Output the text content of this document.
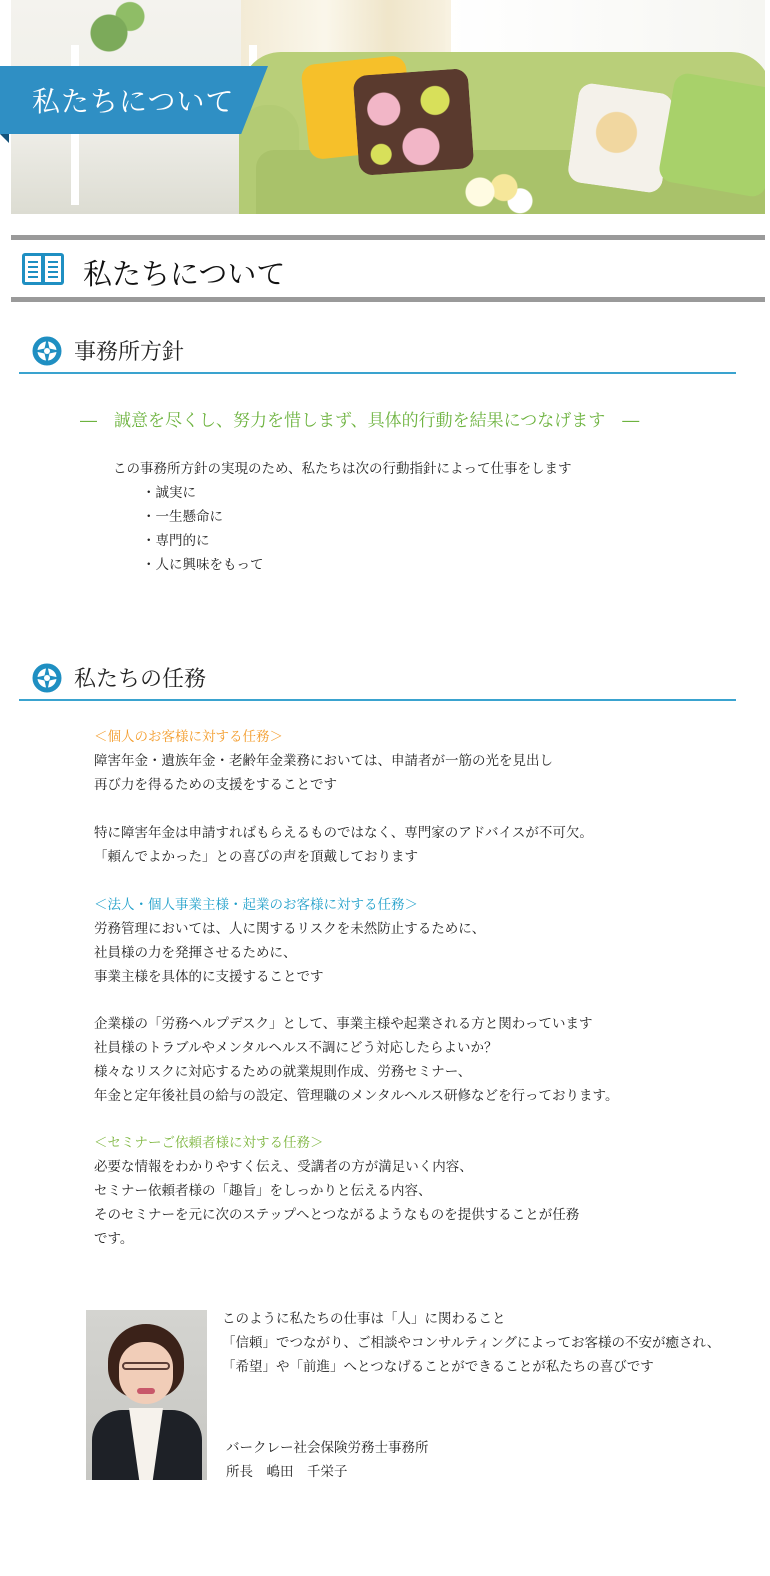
私たちについて
私たちについて
事務所方針
―　誠意を尽くし、努力を惜しまず、具体的行動を結果につなげます　―
この事務所方針の実現のため、私たちは次の行動指針によって仕事をします
・誠実に
・一生懸命に
・専門的に
・人に興味をもって
私たちの任務
＜個人のお客様に対する任務＞
障害年金・遺族年金・老齢年金業務においては、申請者が一筋の光を見出し
再び力を得るための支援をすることです
特に障害年金は申請すればもらえるものではなく、専門家のアドバイスが不可欠。
「頼んでよかった」との喜びの声を頂戴しております
＜法人・個人事業主様・起業のお客様に対する任務＞
労務管理においては、人に関するリスクを未然防止するために、
社員様の力を発揮させるために、
事業主様を具体的に支援することです
企業様の「労務ヘルプデスク」として、事業主様や起業される方と関わっています
社員様のトラブルやメンタルヘルス不調にどう対応したらよいか？
様々なリスクに対応するための就業規則作成、労務セミナー、
年金と定年後社員の給与の設定、管理職のメンタルヘルス研修などを行っております。
＜セミナーご依頼者様に対する任務＞
必要な情報をわかりやすく伝え、受講者の方が満足いく内容、
セミナー依頼者様の「趣旨」をしっかりと伝える内容、
そのセミナーを元に次のステップへとつながるようなものを提供することが任務
です。
このように私たちの仕事は「人」に関わること
「信頼」でつながり、ご相談やコンサルティングによってお客様の不安が癒され、
「希望」や「前進」へとつなげることができることが私たちの喜びです
バークレー社会保険労務士事務所
所長　嶋田　千栄子
